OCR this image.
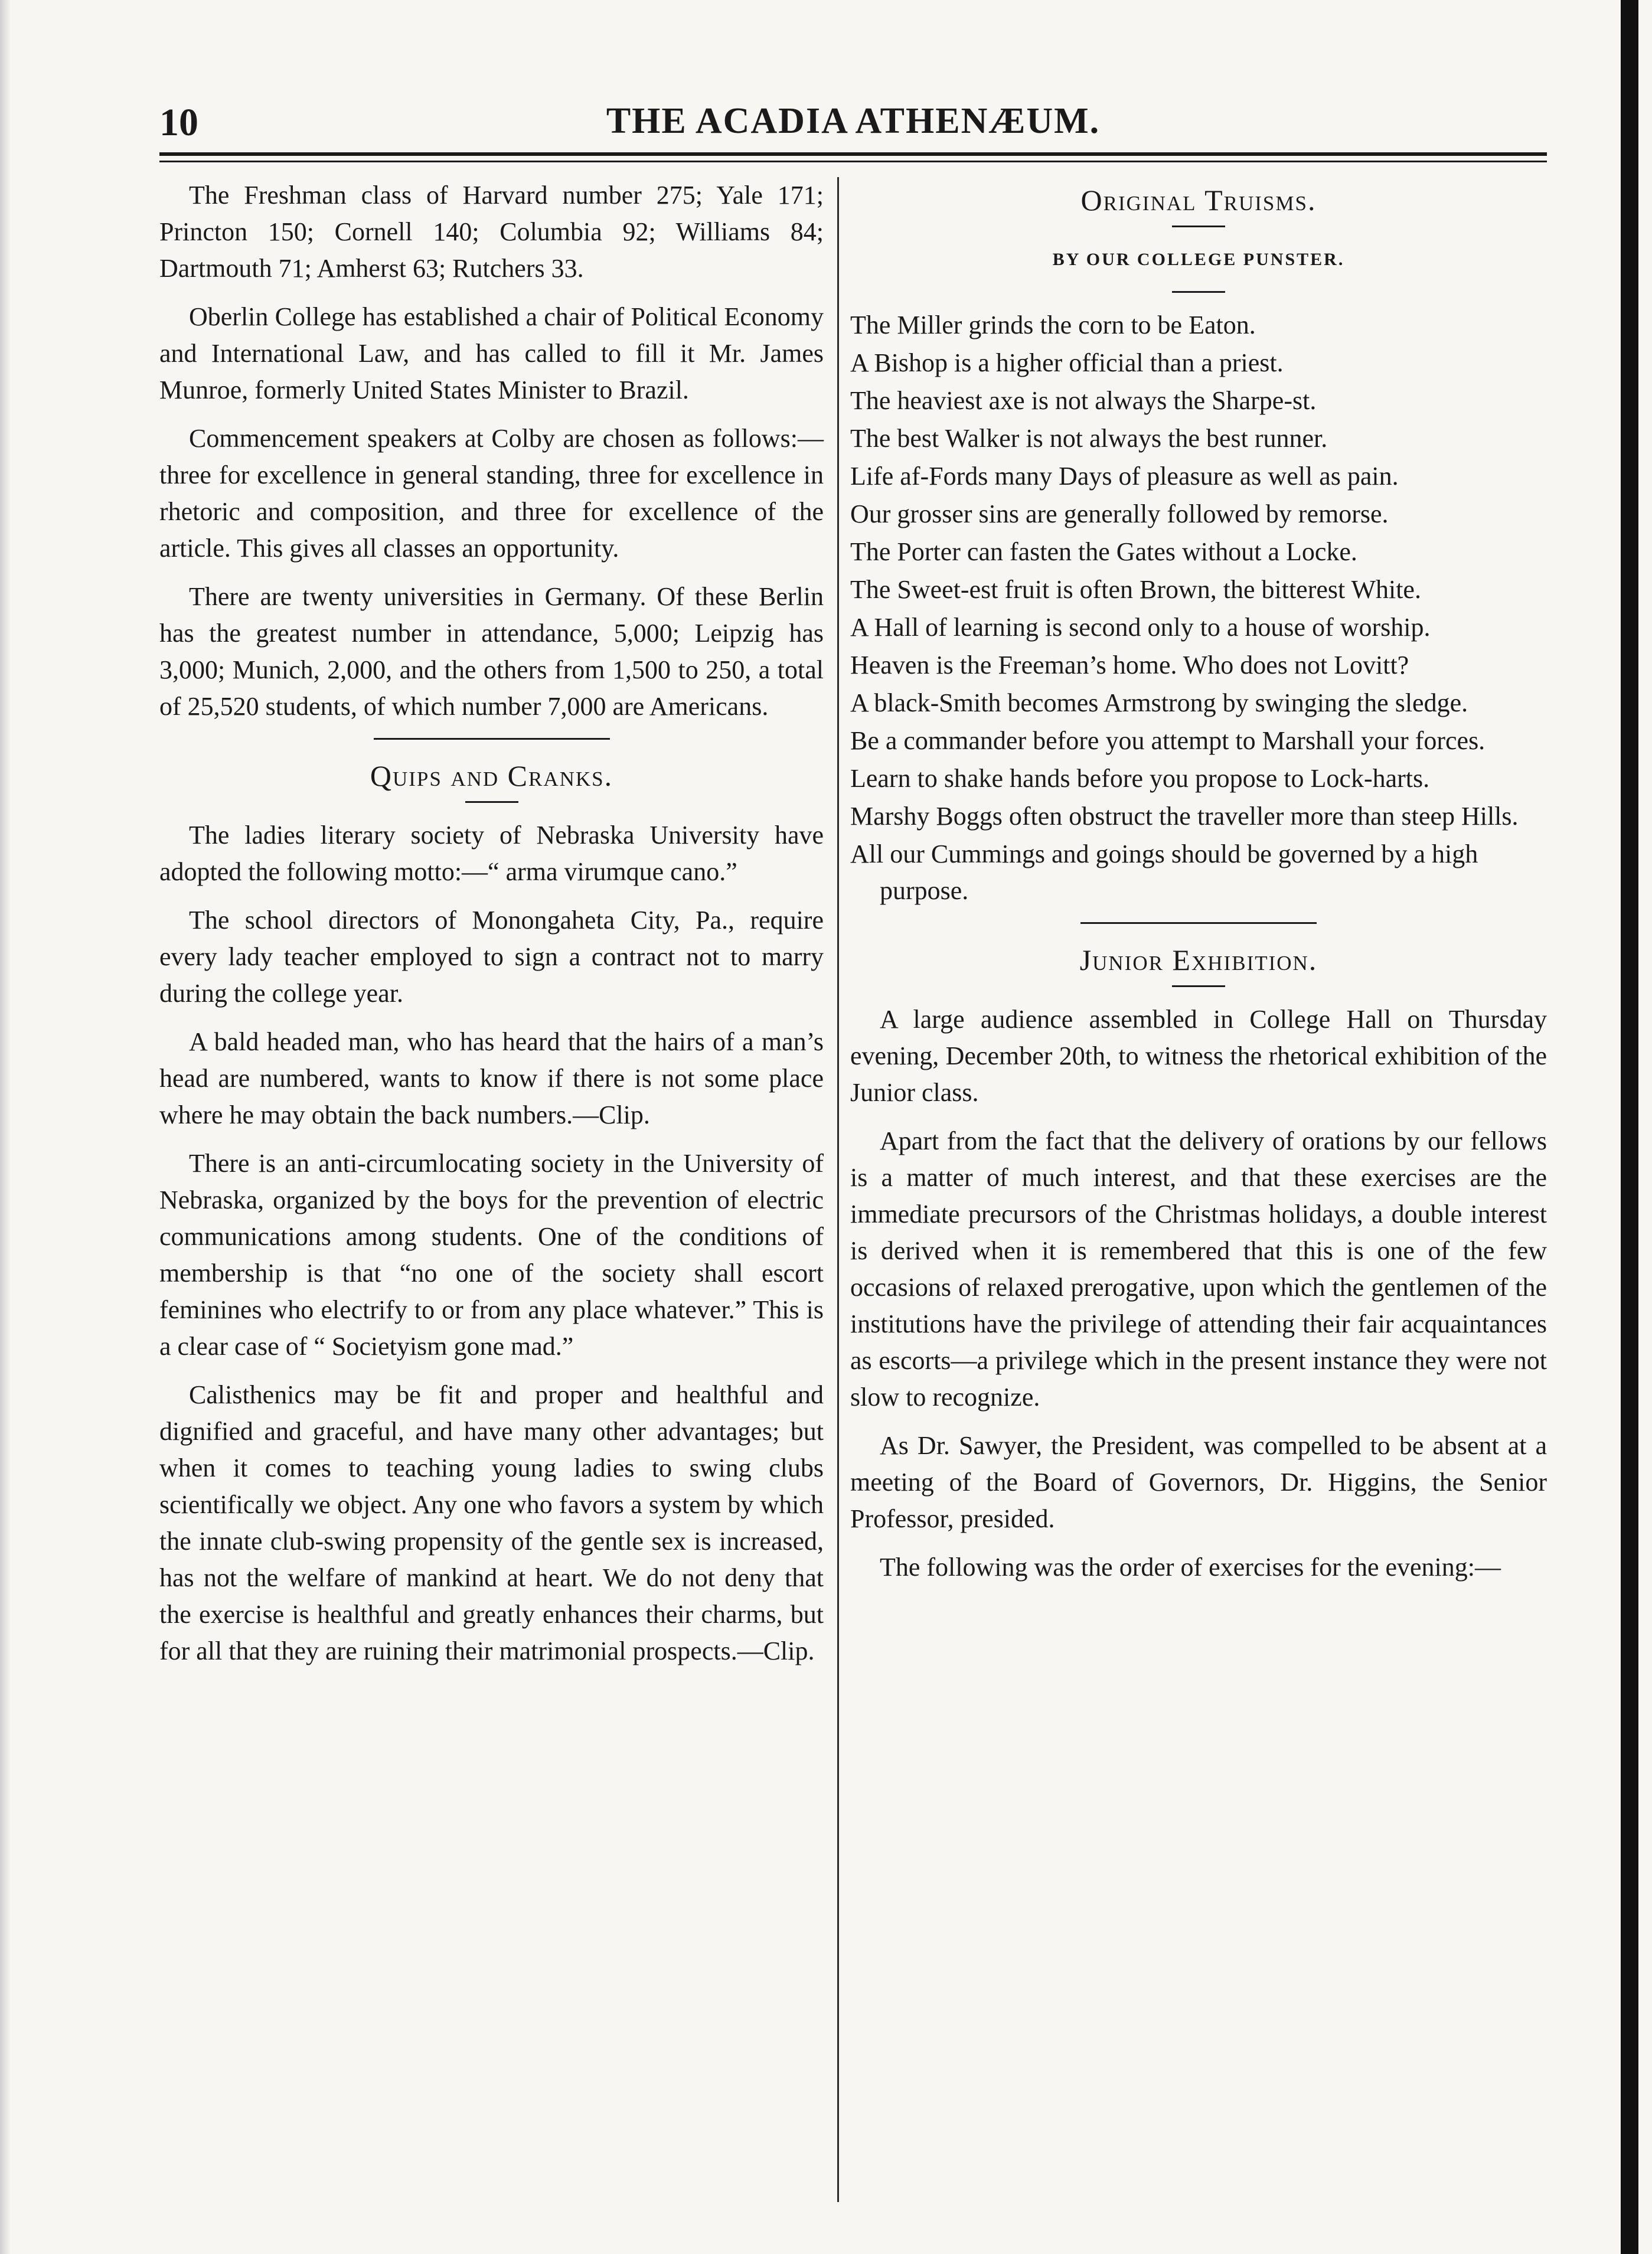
10	THE ACADIA ATHENÆUM.

The Freshman class of Harvard number 275; Yale 171; Princton 150; Cornell 140; Columbia 92; Williams 84; Dartmouth 71; Amherst 63; Rutchers 33.

Oberlin College has established a chair of Political Economy and International Law, and has called to fill it Mr. James Munroe, formerly United States Minister to Brazil.

Commencement speakers at Colby are chosen as follows:—three for excellence in general standing, three for excellence in rhetoric and composition, and three for excellence of the article. This gives all classes an opportunity.

There are twenty universities in Germany. Of these Berlin has the greatest number in attendance, 5,000; Leipzig has 3,000; Munich, 2,000, and the others from 1,500 to 250, a total of 25,520 students, of which number 7,000 are Americans.

Quips and Cranks.

The ladies literary society of Nebraska University have adopted the following motto:—“ arma virumque cano.”

The school directors of Monongaheta City, Pa., require every lady teacher employed to sign a contract not to marry during the college year.

A bald headed man, who has heard that the hairs of a man’s head are numbered, wants to know if there is not some place where he may obtain the back numbers.—Clip.

There is an anti-circumlocating society in the University of Nebraska, organized by the boys for the prevention of electric communications among students. One of the conditions of membership is that “no one of the society shall escort feminines who electrify to or from any place whatever.” This is a clear case of “ Societyism gone mad.”

Calisthenics may be fit and proper and healthful and dignified and graceful, and have many other advantages; but when it comes to teaching young ladies to swing clubs scientifically we object. Any one who favors a system by which the innate club-swing propensity of the gentle sex is increased, has not the welfare of mankind at heart. We do not deny that the exercise is healthful and greatly enhances their charms, but for all that they are ruining their matrimonial prospects.—Clip.

Original Truisms.
BY OUR COLLEGE PUNSTER.

The Miller grinds the corn to be Eaton.

A Bishop is a higher official than a priest.

The heaviest axe is not always the Sharpe-st.

The best Walker is not always the best runner.

Life af-Fords many Days of pleasure as well as pain.

Our grosser sins are generally followed by remorse.

The Porter can fasten the Gates without a Locke.

The Sweet-est fruit is often Brown, the bitterest White.

A Hall of learning is second only to a house of worship.

Heaven is the Freeman’s home. Who does not Lovitt?

A black-Smith becomes Armstrong by swinging the sledge.

Be a commander before you attempt to Marshall your forces.

Learn to shake hands before you propose to Lock-harts.

Marshy Boggs often obstruct the traveller more than steep Hills.

All our Cummings and goings should be governed by a high purpose.

Junior Exhibition.

A large audience assembled in College Hall on Thursday evening, December 20th, to witness the rhetorical exhibition of the Junior class.

Apart from the fact that the delivery of orations by our fellows is a matter of much interest, and that these exercises are the immediate precursors of the Christmas holidays, a double interest is derived when it is remembered that this is one of the few occasions of relaxed prerogative, upon which the gentlemen of the institutions have the privilege of attending their fair acquaintances as escorts—a privilege which in the present instance they were not slow to recognize.

As Dr. Sawyer, the President, was compelled to be absent at a meeting of the Board of Governors, Dr. Higgins, the Senior Professor, presided.

The following was the order of exercises for the evening:—
